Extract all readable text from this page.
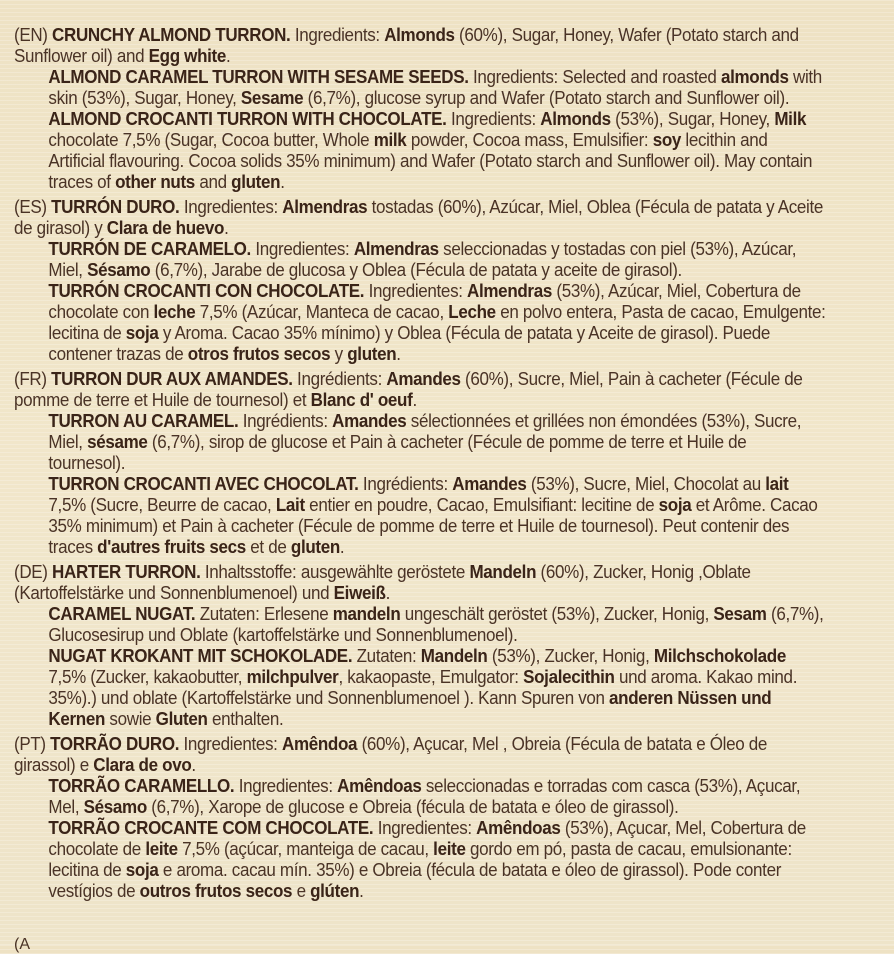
(EN) CRUNCHY ALMOND TURRON. Ingredients: Almonds (60%), Sugar, Honey, Wafer (Potato starch and Sunflower oil) and Egg white.

ALMOND CARAMEL TURRON WITH SESAME SEEDS. Ingredients: Selected and roasted almonds with skin (53%), Sugar, Honey, Sesame (6,7%), glucose syrup and Wafer (Potato starch and Sunflower oil).

ALMOND CROCANTI TURRON WITH CHOCOLATE. Ingredients: Almonds (53%), Sugar, Honey, Milk chocolate 7,5% (Sugar, Cocoa butter, Whole milk powder, Cocoa mass, Emulsifier: soy lecithin and Artificial flavouring. Cocoa solids 35% minimum) and Wafer (Potato starch and Sunflower oil). May contain traces of other nuts and gluten.

(ES) TURRÓN DURO. Ingredientes: Almendras tostadas (60%), Azúcar, Miel, Oblea (Fécula de patata y Aceite de girasol) y Clara de huevo.

TURRÓN DE CARAMELO. Ingredientes: Almendras seleccionadas y tostadas con piel (53%), Azúcar, Miel, Sésamo (6,7%), Jarabe de glucosa y Oblea (Fécula de patata y aceite de girasol).

TURRÓN CROCANTI CON CHOCOLATE. Ingredientes: Almendras (53%), Azúcar, Miel, Cobertura de chocolate con leche 7,5% (Azúcar, Manteca de cacao, Leche en polvo entera, Pasta de cacao, Emulgente: lecitina de soja y Aroma. Cacao 35% mínimo) y Oblea (Fécula de patata y Aceite de girasol). Puede contener trazas de otros frutos secos y gluten.

(FR) TURRON DUR AUX AMANDES. Ingrédients: Amandes (60%), Sucre, Miel, Pain à cacheter (Fécule de pomme de terre et Huile de tournesol) et Blanc d' oeuf.

TURRON AU CARAMEL. Ingrédients: Amandes sélectionnées et grillées non émondées (53%), Sucre, Miel, sésame (6,7%), sirop de glucose et Pain à cacheter (Fécule de pomme de terre et Huile de tournesol).

TURRON CROCANTI AVEC CHOCOLAT. Ingrédients: Amandes (53%), Sucre, Miel, Chocolat au lait 7,5% (Sucre, Beurre de cacao, Lait entier en poudre, Cacao, Emulsifiant: lecitine de soja et Arôme. Cacao 35% minimum) et Pain à cacheter (Fécule de pomme de terre et Huile de tournesol). Peut contenir des traces d'autres fruits secs et de gluten.

(DE) HARTER TURRON. Inhaltsstoffe: ausgewählte geröstete Mandeln (60%), Zucker, Honig ,Oblate (Kartoffelstärke und Sonnenblumenoel) und Eiweiß.

CARAMEL NUGAT. Zutaten: Erlesene mandeln ungeschält geröstet (53%), Zucker, Honig, Sesam (6,7%), Glucosesirup und Oblate (kartoffelstärke und Sonnenblumenoel).

NUGAT KROKANT MIT SCHOKOLADE. Zutaten: Mandeln (53%), Zucker, Honig, Milchschokolade 7,5% (Zucker, kakaobutter, milchpulver, kakaopaste, Emulgator: Sojalecithin und aroma. Kakao mind. 35%).) und oblate (Kartoffelstärke und Sonnenblumenoel ). Kann Spuren von anderen Nüssen und Kernen sowie Gluten enthalten.

(PT) TORRÃO DURO. Ingredientes: Amêndoa (60%), Açucar, Mel , Obreia (Fécula de batata e Óleo de girassol) e Clara de ovo.

TORRÃO CARAMELLO. Ingredientes: Amêndoas seleccionadas e torradas com casca (53%), Açucar, Mel, Sésamo (6,7%), Xarope de glucose e Obreia (fécula de batata e óleo de girassol).

TORRÃO CROCANTE COM CHOCOLATE. Ingredientes: Amêndoas (53%), Açucar, Mel, Cobertura de chocolate de leite 7,5% (açúcar, manteiga de cacau, leite gordo em pó, pasta de cacau, emulsionante: lecitina de soja e aroma. cacau mín. 35%) e Obreia (fécula de batata e óleo de girassol). Pode conter vestígios de outros frutos secos e glúten.

(A
